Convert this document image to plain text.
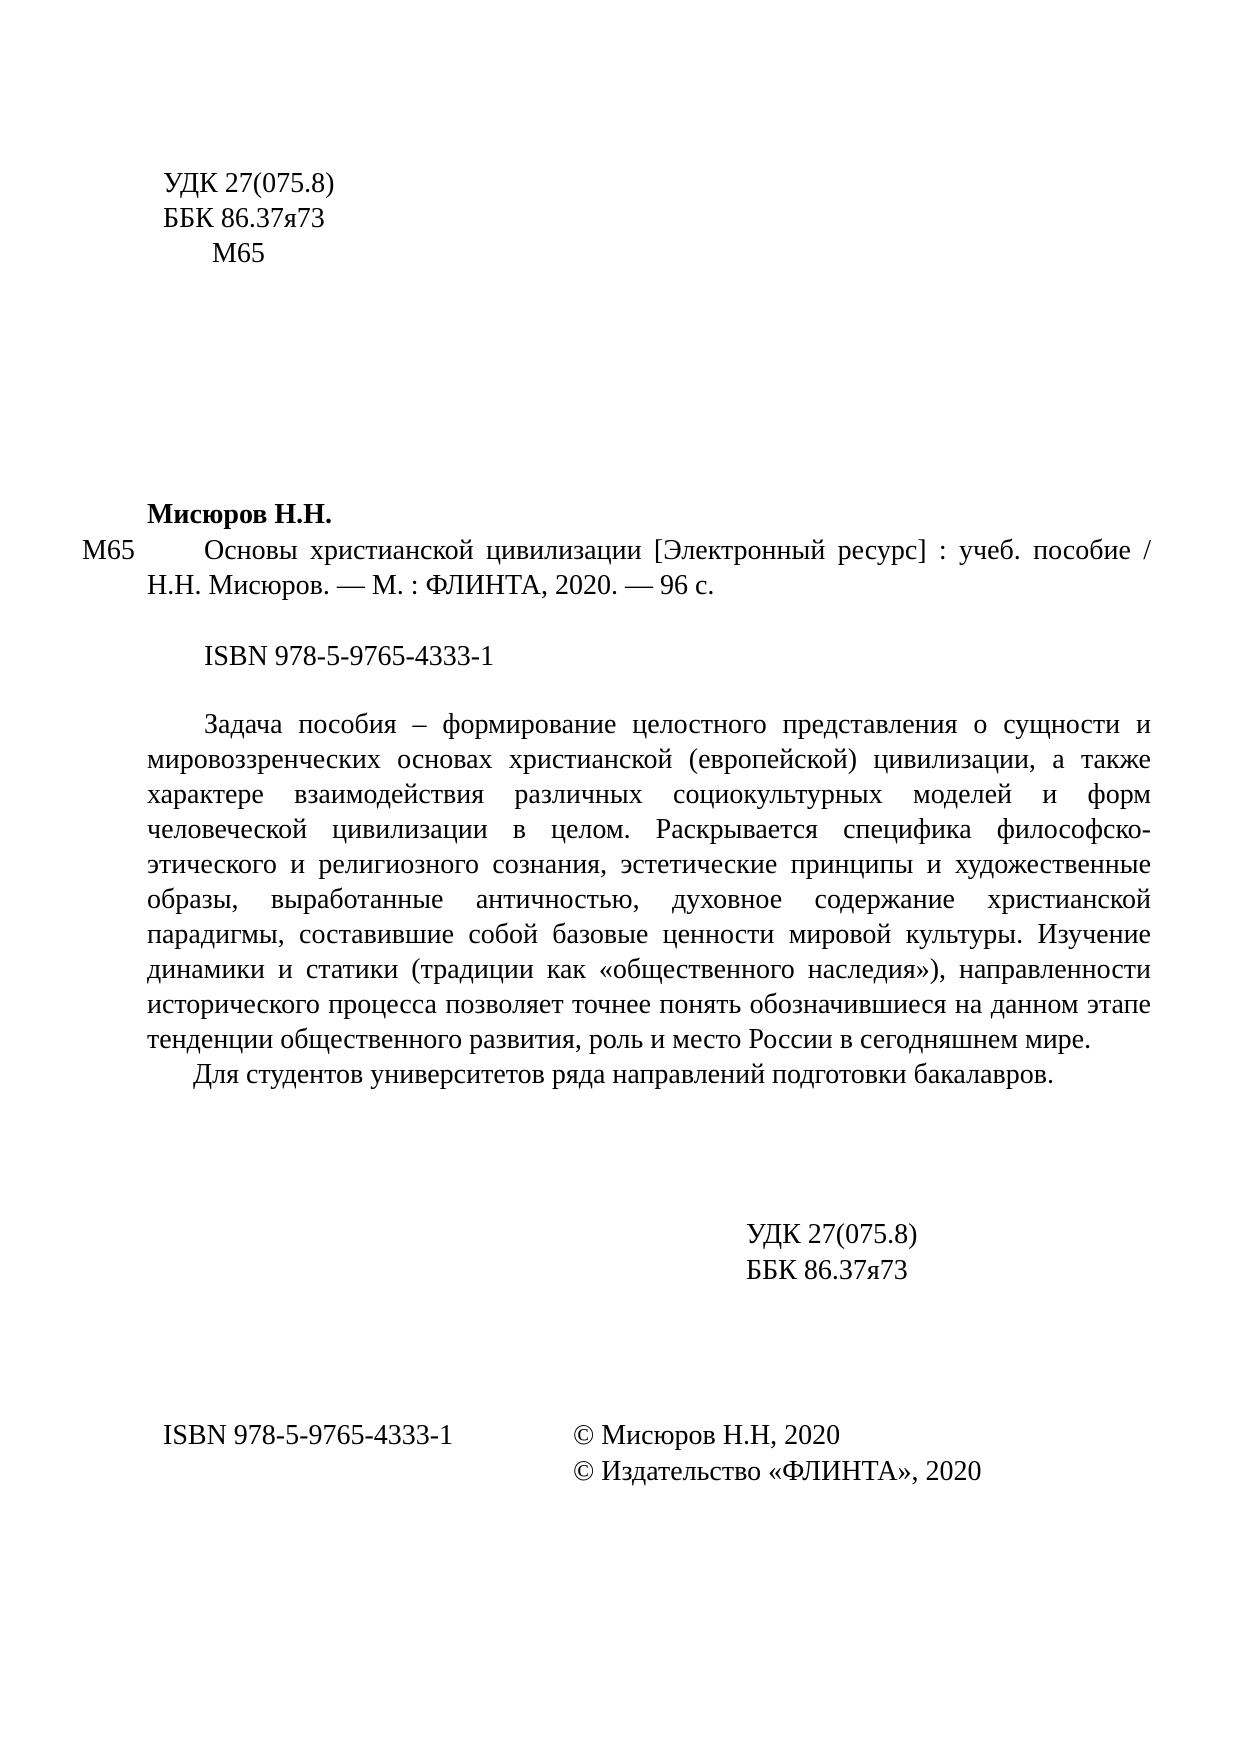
УДК 27(075.8)
ББК 86.37я73
М65
Мисюров Н.Н.
М65	Основы христианской цивилизации [Электронный ресурс] : учеб. пособие / Н.Н. Мисюров. — М. : ФЛИНТА, 2020. — 96 с.
ISBN 978-5-9765-4333-1

Задача пособия – формирование целостного представления о сущности и мировоззренческих основах христианской (европейской) цивилизации, а также характере взаимодействия различных социокультурных моделей и форм человеческой цивилизации в целом. Раскрывается специфика философско-этического и религиозного сознания, эстетические принципы и художественные образы, выработанные античностью, духовное содержание христианской парадигмы, составившие собой базовые ценности мировой культуры. Изучение динамики и статики (традиции как «общественного наследия»), направленности исторического процесса позволяет точнее понять обозначившиеся на данном этапе тенденции общественного развития, роль и место России в сегодняшнем мире.

Для студентов университетов ряда направлений подготовки бакалавров.

УДК 27(075.8)
ББК 86.37я73
ISBN 978-5-9765-4333-1	© Мисюров Н.Н, 2020
© Издательство «ФЛИНТА», 2020
